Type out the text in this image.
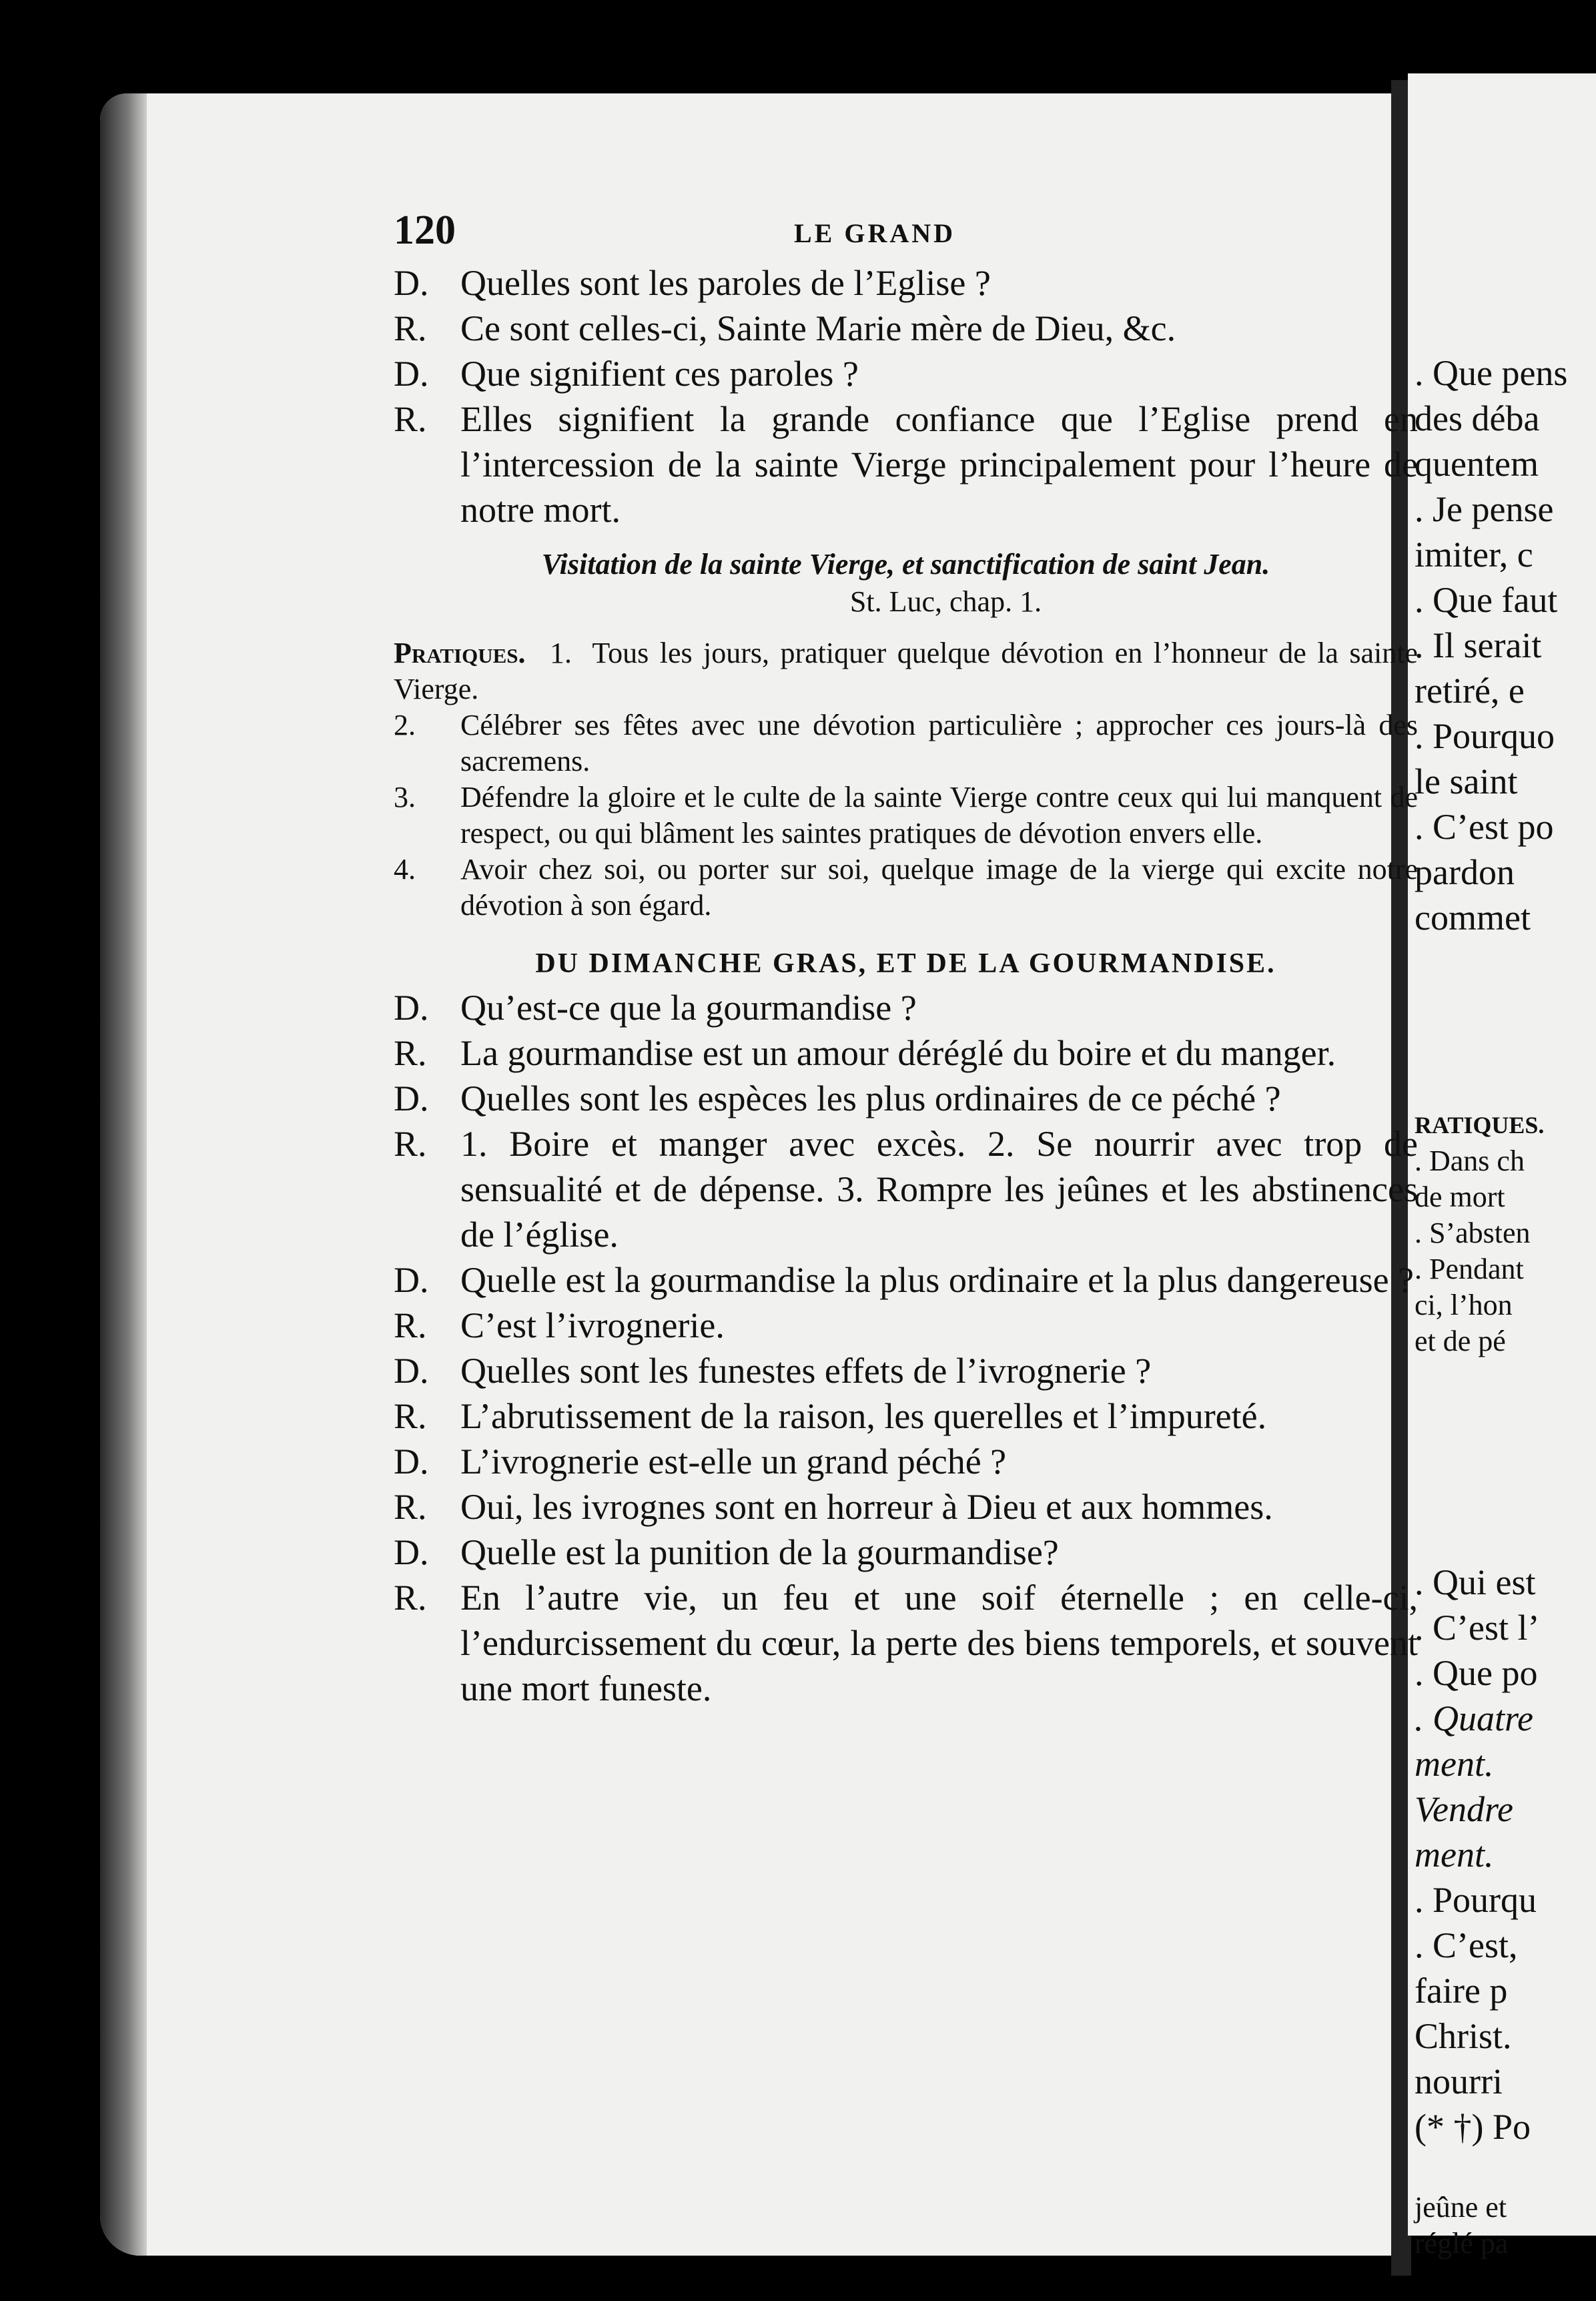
. Que pens
des déba
quentem
. Je pense
imiter, c
. Que faut
. Il serait
retiré, e
. Pourquo
le saint
. C’est po
pardon
commet
RATIQUES.
. Dans ch
de mort
. S’absten
. Pendant
ci, l’hon
et de pé
. Qui est
. C’est l’
. Que po
. Quatre
ment.
Vendre
ment.
. Pourqu
. C’est,
faire p
Christ.
nourri
(* †) Po
jeûne et
réglé pa
120	LE GRAND
D. Quelles sont les paroles de l’Eglise ?
R. Ce sont celles-ci, Sainte Marie mère de Dieu, &c.
D. Que signifient ces paroles ?
R. Elles signifient la grande confiance que l’Eglise prend en l’intercession de la sainte Vierge principalement pour l’heure de notre mort.
Visitation de la sainte Vierge, et sanctification de saint Jean.
St. Luc, chap. 1.
Pratiques. 1. Tous les jours, pratiquer quelque dévotion en l’honneur de la sainte Vierge.
2.	Célébrer ses fêtes avec une dévotion particulière ; approcher ces jours-là des sacremens.
3.	Défendre la gloire et le culte de la sainte Vierge contre ceux qui lui manquent de respect, ou qui blâment les saintes pratiques de dévotion envers elle.
4.	Avoir chez soi, ou porter sur soi, quelque image de la vierge qui excite notre dévotion à son égard.
DU DIMANCHE GRAS, ET DE LA GOURMANDISE.
D. Qu’est-ce que la gourmandise ?
R. La gourmandise est un amour déréglé du boire et du manger.
D. Quelles sont les espèces les plus ordinaires de ce péché ?
R. 1. Boire et manger avec excès. 2. Se nourrir avec trop de sensualité et de dépense. 3. Rompre les jeûnes et les abstinences de l’église.
D. Quelle est la gourmandise la plus ordinaire et la plus dangereuse ?
R. C’est l’ivrognerie.
D. Quelles sont les funestes effets de l’ivrognerie ?
R. L’abrutissement de la raison, les querelles et l’impureté.
D. L’ivrognerie est-elle un grand péché ?
R. Oui, les ivrognes sont en horreur à Dieu et aux hommes.
D. Quelle est la punition de la gourmandise?
R. En l’autre vie, un feu et une soif éternelle ; en celle-ci, l’endurcissement du cœur, la perte des biens temporels, et souvent une mort funeste.
